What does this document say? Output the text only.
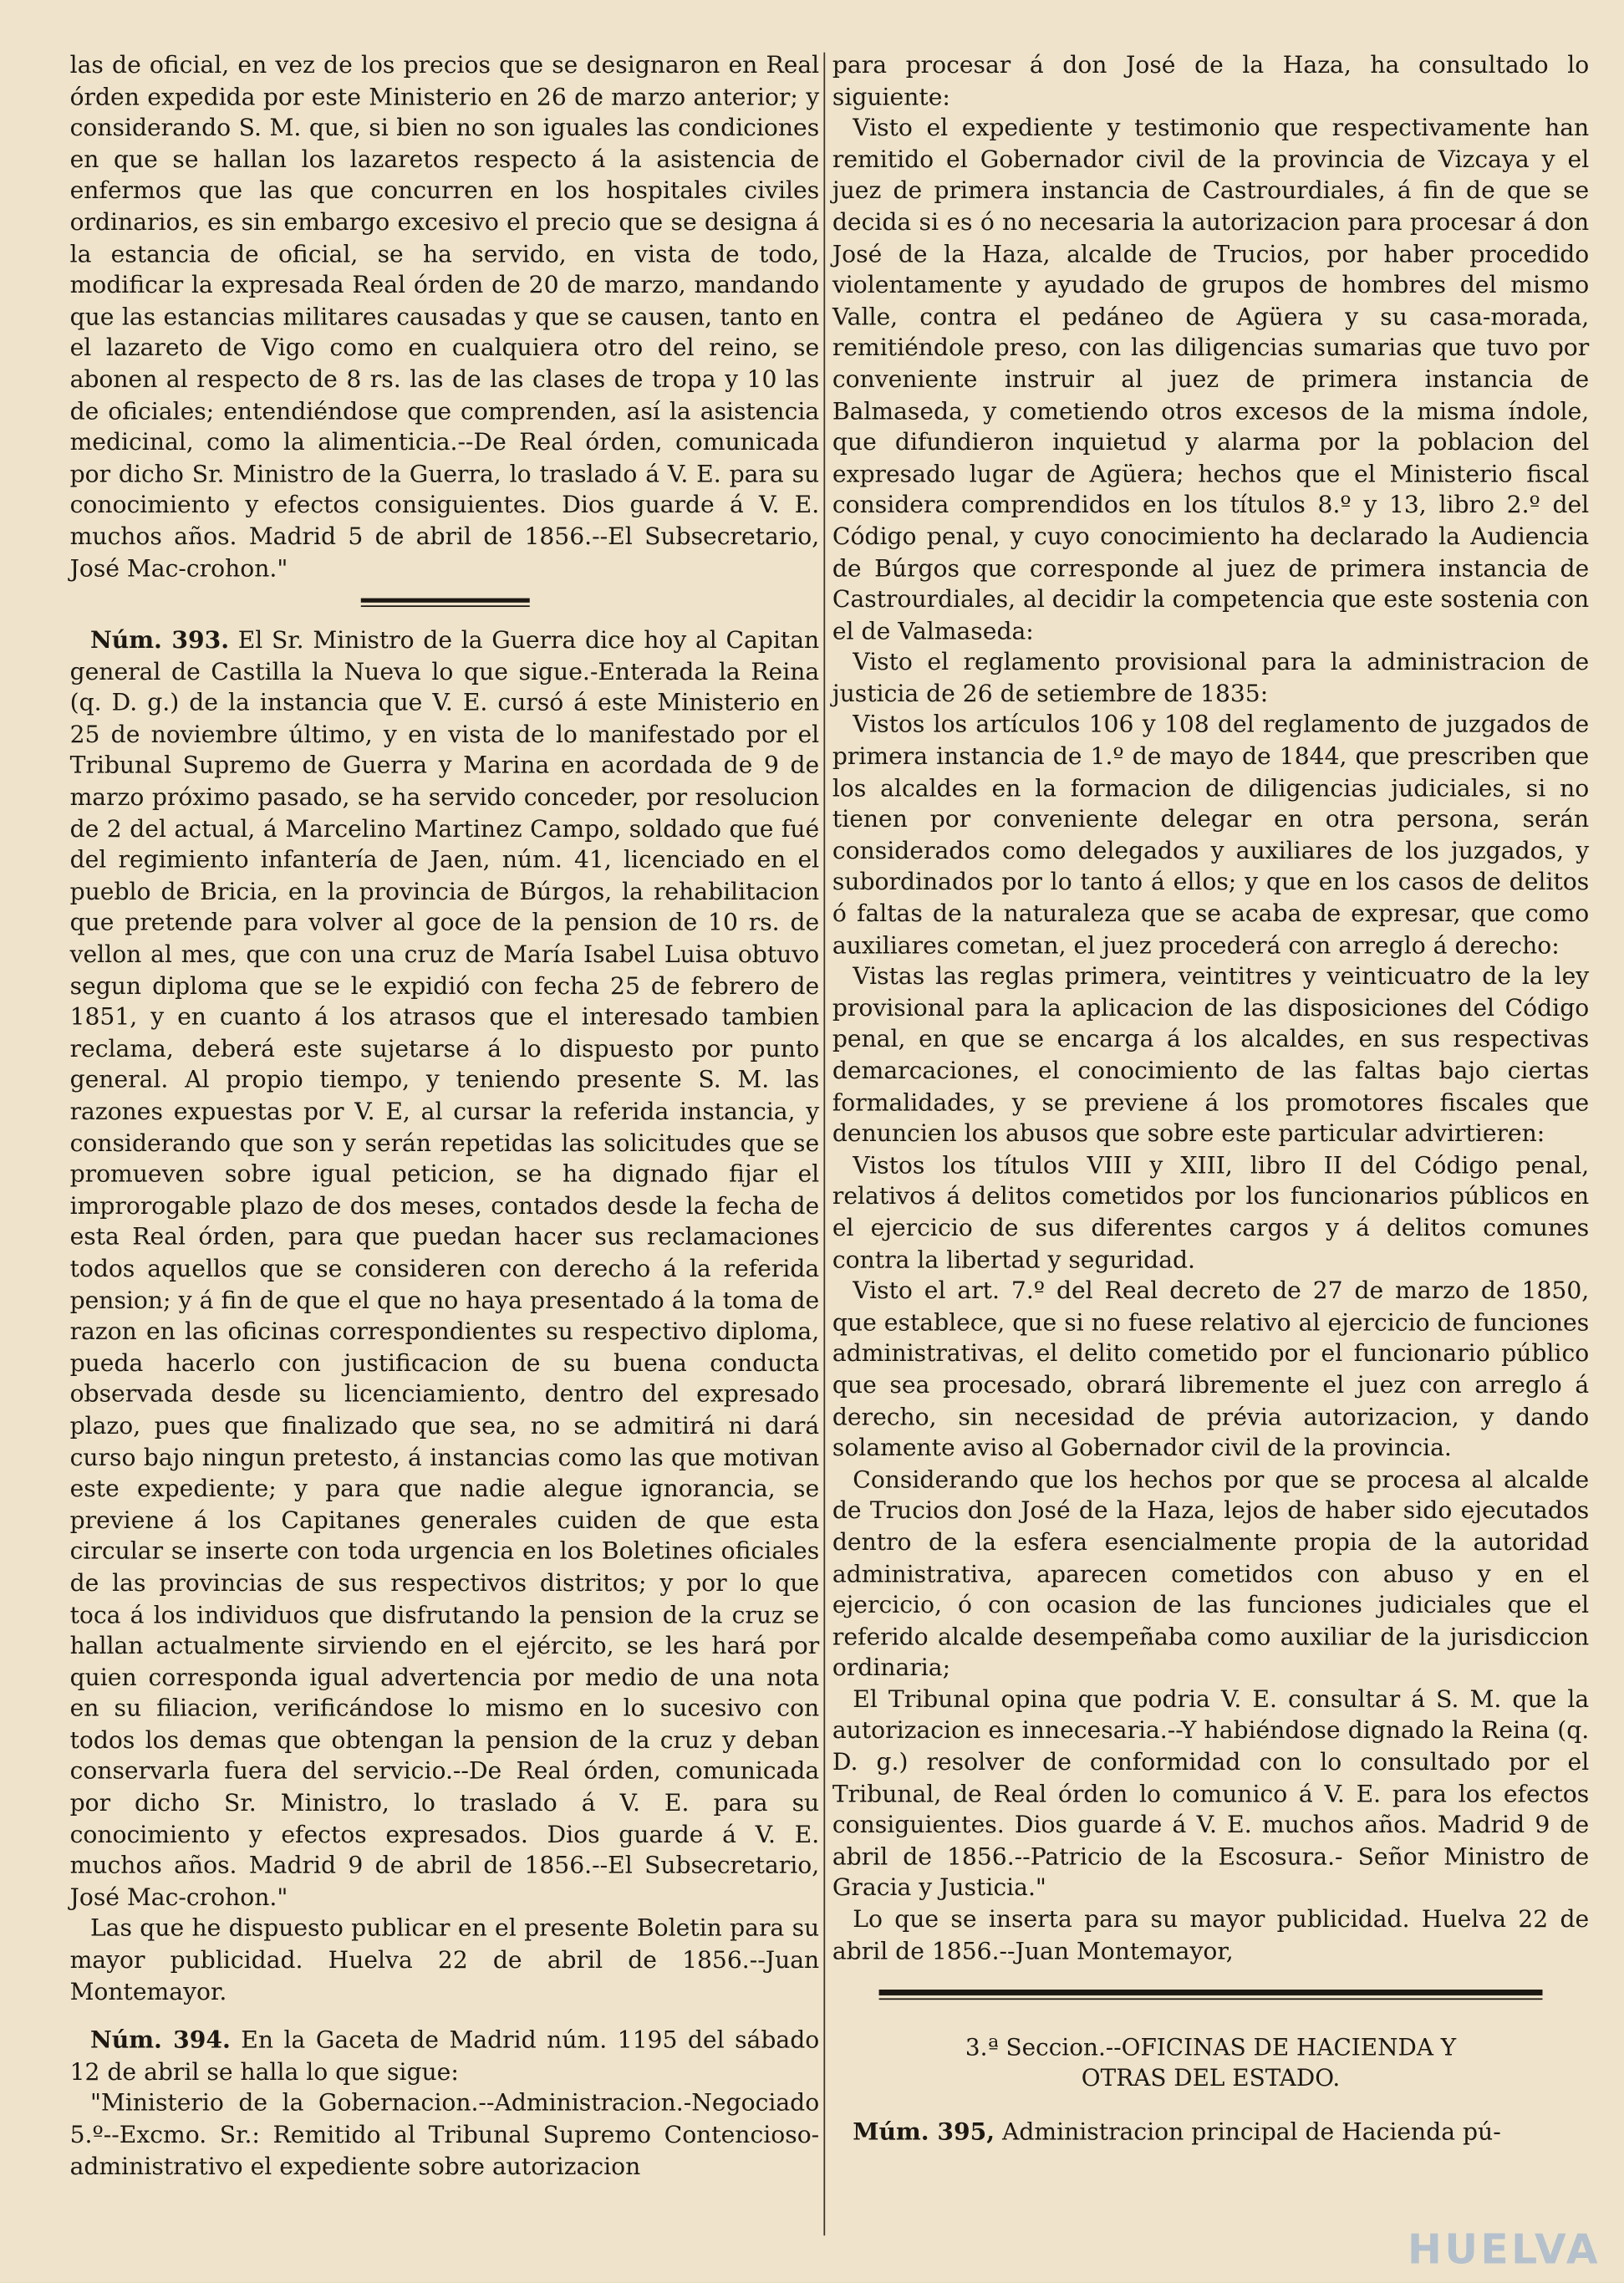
las de oficial, en vez de los precios que se designaron en Real órden expedida por este Ministerio en 26 de marzo anterior; y considerando S. M. que, si bien no son iguales las condiciones en que se hallan los lazaretos respecto á la asistencia de enfermos que las que concurren en los hospitales civiles ordinarios, es sin embargo excesivo el precio que se designa á la estancia de oficial, se ha servido, en vista de todo, modificar la expresada Real órden de 20 de marzo, mandando que las estancias militares causadas y que se causen, tanto en el lazareto de Vigo como en cualquiera otro del reino, se abonen al respecto de 8 rs. las de las clases de tropa y 10 las de oficiales; entendiéndose que comprenden, así la asistencia medicinal, como la alimenticia.--De Real órden, comunicada por dicho Sr. Ministro de la Guerra, lo traslado á V. E. para su conocimiento y efectos consiguientes. Dios guarde á V. E. muchos años. Madrid 5 de abril de 1856.--El Subsecretario, José Mac-crohon."

Núm. 393. El Sr. Ministro de la Guerra dice hoy al Capitan general de Castilla la Nueva lo que sigue.-Enterada la Reina (q. D. g.) de la instancia que V. E. cursó á este Ministerio en 25 de noviembre último, y en vista de lo manifestado por el Tribunal Supremo de Guerra y Marina en acordada de 9 de marzo próximo pasado, se ha servido conceder, por resolucion de 2 del actual, á Marcelino Martinez Campo, soldado que fué del regimiento infantería de Jaen, núm. 41, licenciado en el pueblo de Bricia, en la provincia de Búrgos, la rehabilitacion que pretende para volver al goce de la pension de 10 rs. de vellon al mes, que con una cruz de María Isabel Luisa obtuvo segun diploma que se le expidió con fecha 25 de febrero de 1851, y en cuanto á los atrasos que el interesado tambien reclama, deberá este sujetarse á lo dispuesto por punto general. Al propio tiempo, y teniendo presente S. M. las razones expuestas por V. E, al cursar la referida instancia, y considerando que son y serán repetidas las solicitudes que se promueven sobre igual peticion, se ha dignado fijar el improrogable plazo de dos meses, contados desde la fecha de esta Real órden, para que puedan hacer sus reclamaciones todos aquellos que se consideren con derecho á la referida pension; y á fin de que el que no haya presentado á la toma de razon en las oficinas correspondientes su respectivo diploma, pueda hacerlo con justificacion de su buena conducta observada desde su licenciamiento, dentro del expresado plazo, pues que finalizado que sea, no se admitirá ni dará curso bajo ningun pretesto, á instancias como las que motivan este expediente; y para que nadie alegue ignorancia, se previene á los Capitanes generales cuiden de que esta circular se inserte con toda urgencia en los Boletines oficiales de las provincias de sus respectivos distritos; y por lo que toca á los individuos que disfrutando la pension de la cruz se hallan actualmente sirviendo en el ejército, se les hará por quien corresponda igual advertencia por medio de una nota en su filiacion, verificándose lo mismo en lo sucesivo con todos los demas que obtengan la pension de la cruz y deban conservarla fuera del servicio.--De Real órden, comunicada por dicho Sr. Ministro, lo traslado á V. E. para su conocimiento y efectos expresados. Dios guarde á V. E. muchos años. Madrid 9 de abril de 1856.--El Subsecretario, José Mac-crohon."

Las que he dispuesto publicar en el presente Boletin para su mayor publicidad. Huelva 22 de abril de 1856.--Juan Montemayor.

Núm. 394. En la Gaceta de Madrid núm. 1195 del sábado 12 de abril se halla lo que sigue:

"Ministerio de la Gobernacion.--Administracion.-Negociado 5.º--Excmo. Sr.: Remitido al Tribunal Supremo Contencioso-administrativo el expediente sobre autorizacion

para procesar á don José de la Haza, ha consultado lo siguiente:

Visto el expediente y testimonio que respectivamente han remitido el Gobernador civil de la provincia de Vizcaya y el juez de primera instancia de Castrourdiales, á fin de que se decida si es ó no necesaria la autorizacion para procesar á don José de la Haza, alcalde de Trucios, por haber procedido violentamente y ayudado de grupos de hombres del mismo Valle, contra el pedáneo de Agüera y su casa-morada, remitiéndole preso, con las diligencias sumarias que tuvo por conveniente instruir al juez de primera instancia de Balmaseda, y cometiendo otros excesos de la misma índole, que difundieron inquietud y alarma por la poblacion del expresado lugar de Agüera; hechos que el Ministerio fiscal considera comprendidos en los títulos 8.º y 13, libro 2.º del Código penal, y cuyo conocimiento ha declarado la Audiencia de Búrgos que corresponde al juez de primera instancia de Castrourdiales, al decidir la competencia que este sostenia con el de Valmaseda:

Visto el reglamento provisional para la administracion de justicia de 26 de setiembre de 1835:

Vistos los artículos 106 y 108 del reglamento de juzgados de primera instancia de 1.º de mayo de 1844, que prescriben que los alcaldes en la formacion de diligencias judiciales, si no tienen por conveniente delegar en otra persona, serán considerados como delegados y auxiliares de los juzgados, y subordinados por lo tanto á ellos; y que en los casos de delitos ó faltas de la naturaleza que se acaba de expresar, que como auxiliares cometan, el juez procederá con arreglo á derecho:

Vistas las reglas primera, veintitres y veinticuatro de la ley provisional para la aplicacion de las disposiciones del Código penal, en que se encarga á los alcaldes, en sus respectivas demarcaciones, el conocimiento de las faltas bajo ciertas formalidades, y se previene á los promotores fiscales que denuncien los abusos que sobre este particular advirtieren:

Vistos los títulos VIII y XIII, libro II del Código penal, relativos á delitos cometidos por los funcionarios públicos en el ejercicio de sus diferentes cargos y á delitos comunes contra la libertad y seguridad.

Visto el art. 7.º del Real decreto de 27 de marzo de 1850, que establece, que si no fuese relativo al ejercicio de funciones administrativas, el delito cometido por el funcionario público que sea procesado, obrará libremente el juez con arreglo á derecho, sin necesidad de prévia autorizacion, y dando solamente aviso al Gobernador civil de la provincia.

Considerando que los hechos por que se procesa al alcalde de Trucios don José de la Haza, lejos de haber sido ejecutados dentro de la esfera esencialmente propia de la autoridad administrativa, aparecen cometidos con abuso y en el ejercicio, ó con ocasion de las funciones judiciales que el referido alcalde desempeñaba como auxiliar de la jurisdiccion ordinaria;

El Tribunal opina que podria V. E. consultar á S. M. que la autorizacion es innecesaria.--Y habiéndose dignado la Reina (q. D. g.) resolver de conformidad con lo consultado por el Tribunal, de Real órden lo comunico á V. E. para los efectos consiguientes. Dios guarde á V. E. muchos años. Madrid 9 de abril de 1856.--Patricio de la Escosura.- Señor Ministro de Gracia y Justicia."

Lo que se inserta para su mayor publicidad. Huelva 22 de abril de 1856.--Juan Montemayor,

3.ª Seccion.--OFICINAS DE HACIENDA Y
OTRAS DEL ESTADO.

Múm. 395, Administracion principal de Hacienda pú-

HUELVA
